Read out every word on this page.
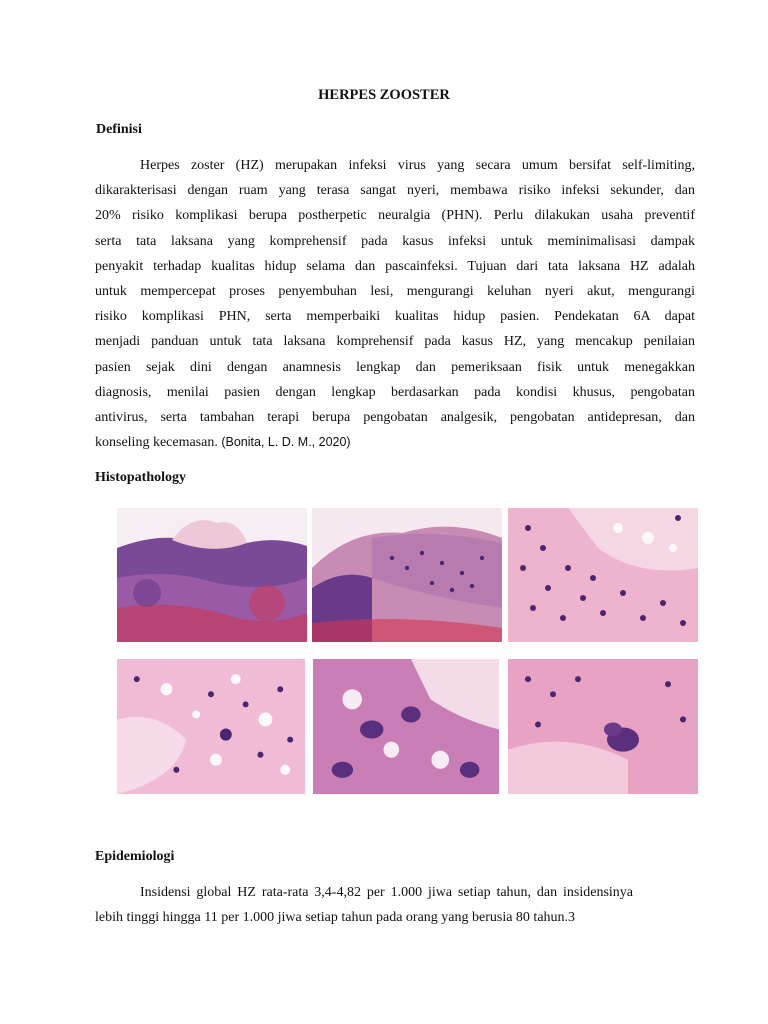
HERPES ZOOSTER
Definisi
Herpes zoster (HZ) merupakan infeksi virus yang secara umum bersifat self-limiting,
dikarakterisasi dengan ruam yang terasa sangat nyeri, membawa risiko infeksi sekunder, dan
20% risiko komplikasi berupa postherpetic neuralgia (PHN). Perlu dilakukan usaha preventif
serta tata laksana yang komprehensif pada kasus infeksi untuk meminimalisasi dampak
penyakit terhadap kualitas hidup selama dan pascainfeksi. Tujuan dari tata laksana HZ adalah
untuk mempercepat proses penyembuhan lesi, mengurangi keluhan nyeri akut, mengurangi
risiko komplikasi PHN, serta memperbaiki kualitas hidup pasien. Pendekatan 6A dapat
menjadi panduan untuk tata laksana komprehensif pada kasus HZ, yang mencakup penilaian
pasien sejak dini dengan anamnesis lengkap dan pemeriksaan fisik untuk menegakkan
diagnosis, menilai pasien dengan lengkap berdasarkan pada kondisi khusus, pengobatan
antivirus, serta tambahan terapi berupa pengobatan analgesik, pengobatan antidepresan, dan
konseling kecemasan. (Bonita, L. D. M., 2020)
Histopathology
Epidemiologi
Insidensi global HZ rata-rata 3,4-4,82 per 1.000 jiwa setiap tahun, dan insidensinya
lebih tinggi hingga 11 per 1.000 jiwa setiap tahun pada orang yang berusia 80 tahun.3
